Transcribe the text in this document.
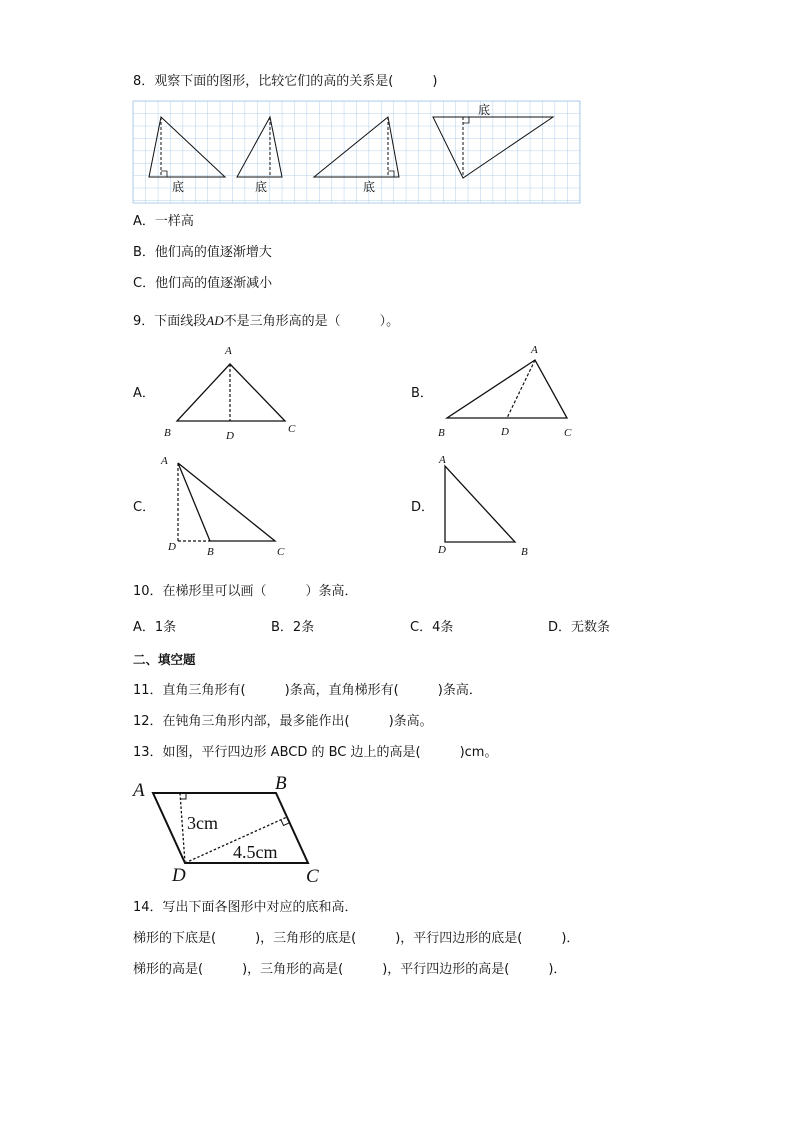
8．观察下面的图形，比较它们的高的关系是(　　　)
底	底	底
底
A．一样高
B．他们高的值逐渐增大
C．他们高的值逐渐减小
9．下面线段AD不是三角形高的是（　　　）。
A．
A
B	D
C
B．
A
B	D	C
C．
A
D	B	C
D．
A
D	B
10．在梯形里可以画（　　　）条高．
A．1条	B．2条	C．4条	D．无数条
二、填空题
11．直角三角形有(　　　)条高，直角梯形有(　　　)条高．
12．在钝角三角形内部，最多能作出(　　　)条高。
13．如图，平行四边形 ABCD 的 BC 边上的高是(　　　)cm。
A	B
D	C
3cm
4.5cm
14．写出下面各图形中对应的底和高．
梯形的下底是(　　　)，三角形的底是(　　　)，平行四边形的底是(　　　)．
梯形的高是(　　　)，三角形的高是(　　　)，平行四边形的高是(　　　)．
